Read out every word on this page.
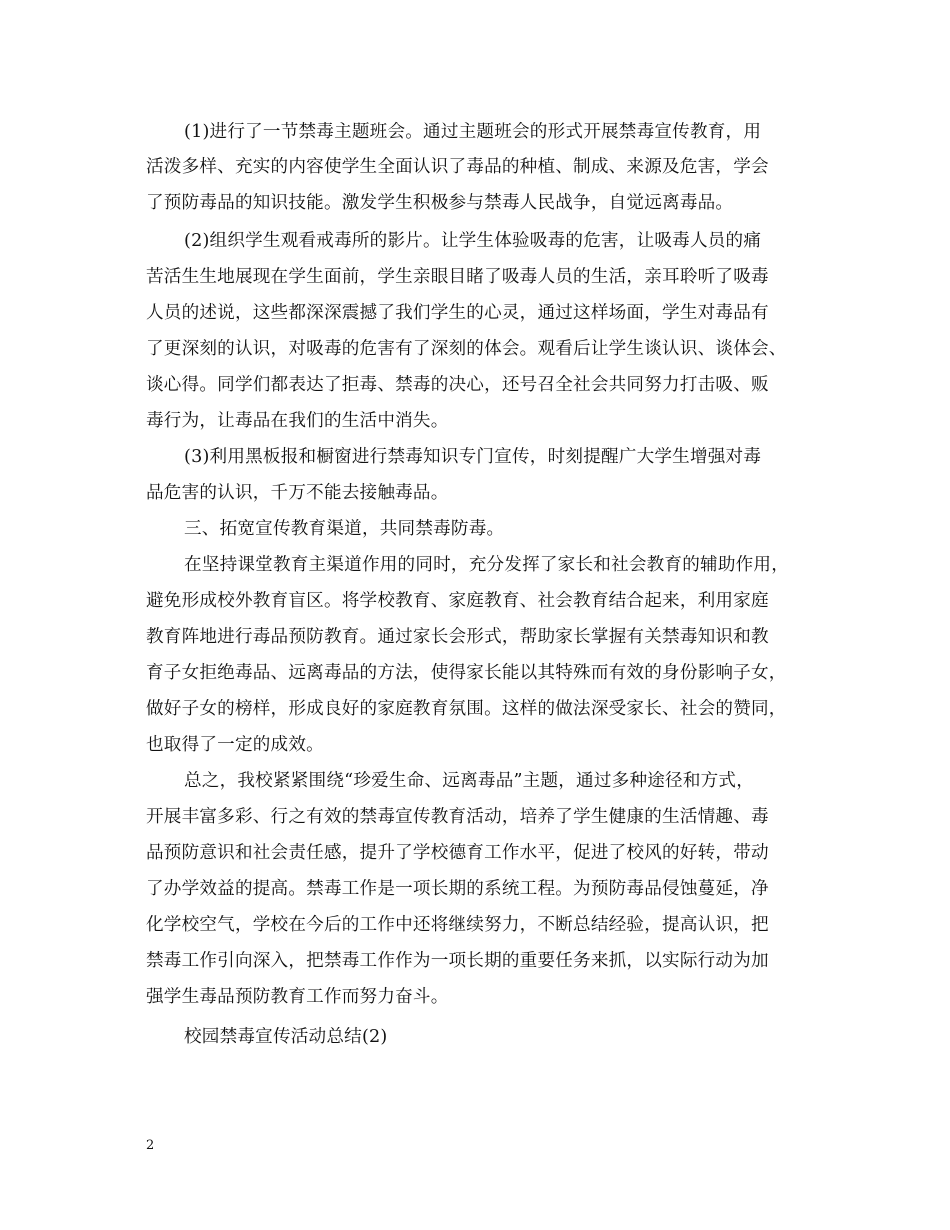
(1)进行了一节禁毒主题班会。通过主题班会的形式开展禁毒宣传教育，用
活泼多样、充实的内容使学生全面认识了毒品的种植、制成、来源及危害，学会
了预防毒品的知识技能。激发学生积极参与禁毒人民战争，自觉远离毒品。
(2)组织学生观看戒毒所的影片。让学生体验吸毒的危害，让吸毒人员的痛
苦活生生地展现在学生面前，学生亲眼目睹了吸毒人员的生活，亲耳聆听了吸毒
人员的述说，这些都深深震撼了我们学生的心灵，通过这样场面，学生对毒品有
了更深刻的认识，对吸毒的危害有了深刻的体会。观看后让学生谈认识、谈体会、
谈心得。同学们都表达了拒毒、禁毒的决心，还号召全社会共同努力打击吸、贩
毒行为，让毒品在我们的生活中消失。
(3)利用黑板报和橱窗进行禁毒知识专门宣传，时刻提醒广大学生增强对毒
品危害的认识，千万不能去接触毒品。
三、拓宽宣传教育渠道，共同禁毒防毒。
在坚持课堂教育主渠道作用的同时，充分发挥了家长和社会教育的辅助作用，
避免形成校外教育盲区。将学校教育、家庭教育、社会教育结合起来，利用家庭
教育阵地进行毒品预防教育。通过家长会形式，帮助家长掌握有关禁毒知识和教
育子女拒绝毒品、远离毒品的方法，使得家长能以其特殊而有效的身份影响子女，
做好子女的榜样，形成良好的家庭教育氛围。这样的做法深受家长、社会的赞同，
也取得了一定的成效。
总之，我校紧紧围绕“珍爱生命、远离毒品”主题，通过多种途径和方式，
开展丰富多彩、行之有效的禁毒宣传教育活动，培养了学生健康的生活情趣、毒
品预防意识和社会责任感，提升了学校德育工作水平，促进了校风的好转，带动
了办学效益的提高。禁毒工作是一项长期的系统工程。为预防毒品侵蚀蔓延，净
化学校空气，学校在今后的工作中还将继续努力，不断总结经验，提高认识，把
禁毒工作引向深入，把禁毒工作作为一项长期的重要任务来抓，以实际行动为加
强学生毒品预防教育工作而努力奋斗。
校园禁毒宣传活动总结(2)
2
